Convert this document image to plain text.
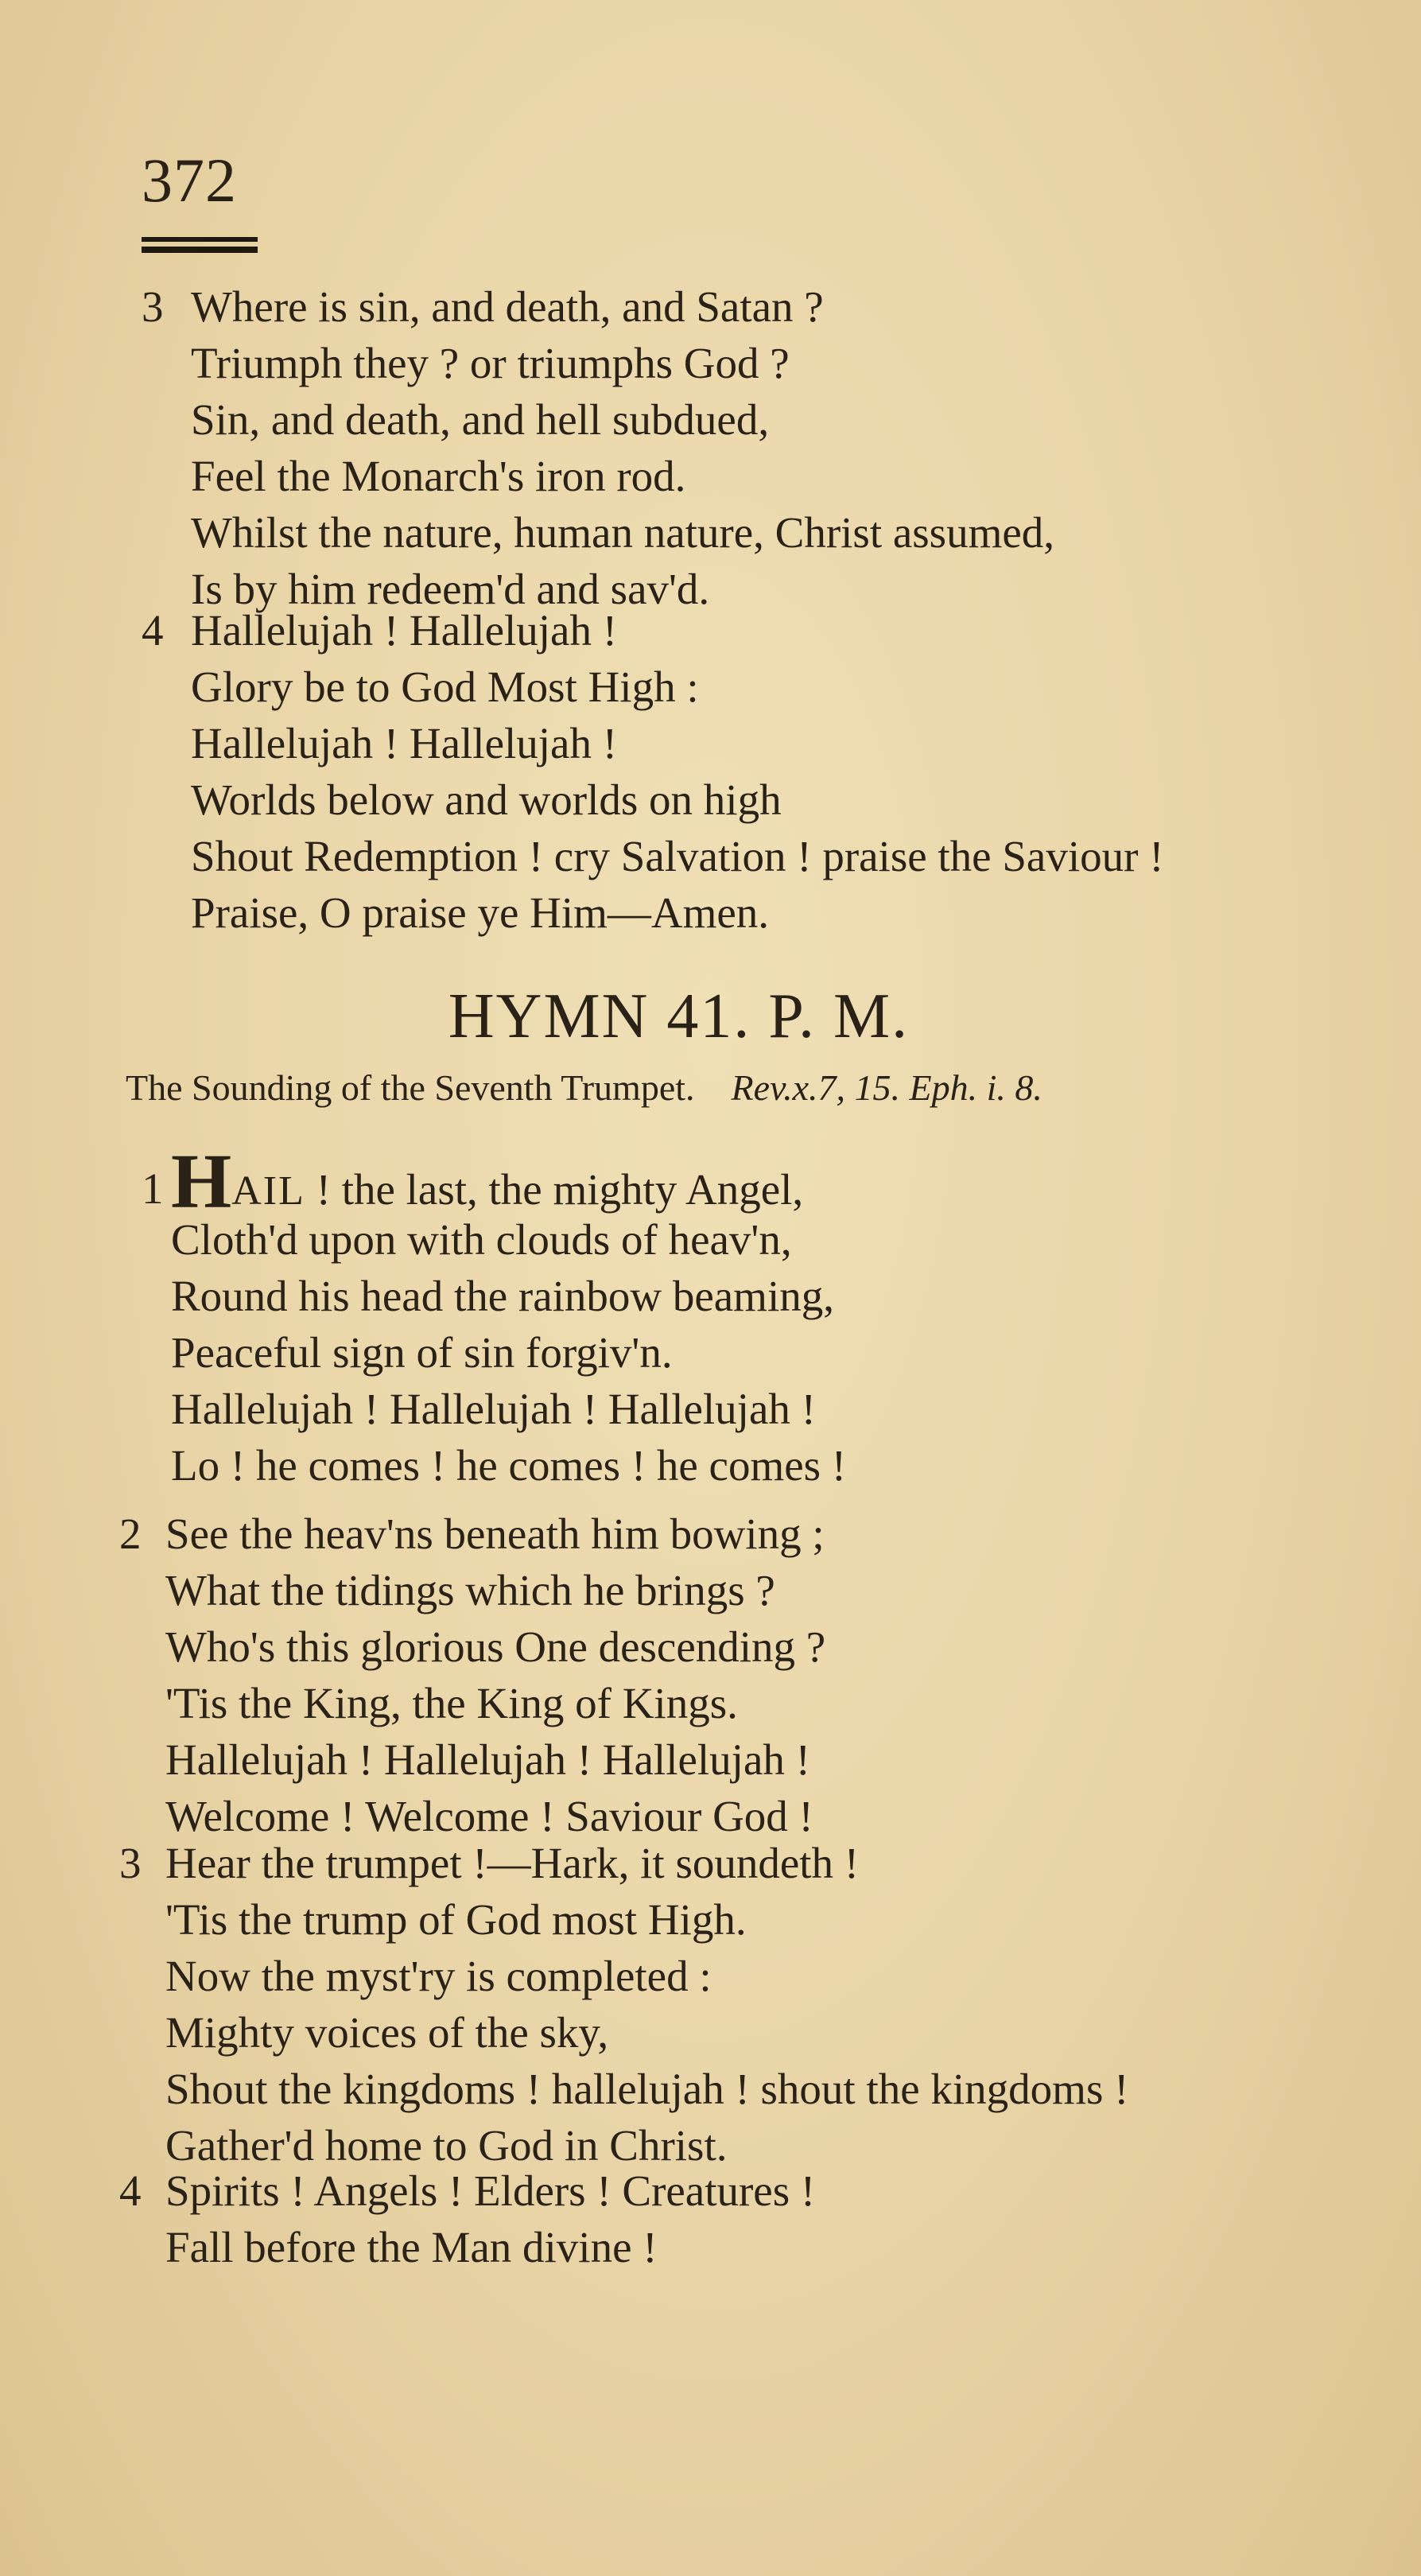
372
3 Where is sin, and death, and Satan ?
Triumph they ? or triumphs God ?
Sin, and death, and hell subdued,
Feel the Monarch's iron rod.
Whilst the nature, human nature, Christ assumed,
Is by him redeem'd and sav'd.
4 Hallelujah ! Hallelujah !
Glory be to God Most High :
Hallelujah ! Hallelujah !
Worlds below and worlds on high
Shout Redemption ! cry Salvation ! praise the Saviour !
Praise, O praise ye Him—Amen.
HYMN 41. P. M.
The Sounding of the Seventh Trumpet. Rev.x.7, 15. Eph. i. 8.
1 HAIL ! the last, the mighty Angel,
Cloth'd upon with clouds of heav'n,
Round his head the rainbow beaming,
Peaceful sign of sin forgiv'n.
Hallelujah ! Hallelujah ! Hallelujah !
Lo ! he comes ! he comes ! he comes !
2 See the heav'ns beneath him bowing ;
What the tidings which he brings ?
Who's this glorious One descending ?
'Tis the King, the King of Kings.
Hallelujah ! Hallelujah ! Hallelujah !
Welcome ! Welcome ! Saviour God !
3 Hear the trumpet !—Hark, it soundeth !
'Tis the trump of God most High.
Now the myst'ry is completed :
Mighty voices of the sky,
Shout the kingdoms ! hallelujah ! shout the kingdoms !
Gather'd home to God in Christ.
4 Spirits ! Angels ! Elders ! Creatures !
Fall before the Man divine !
